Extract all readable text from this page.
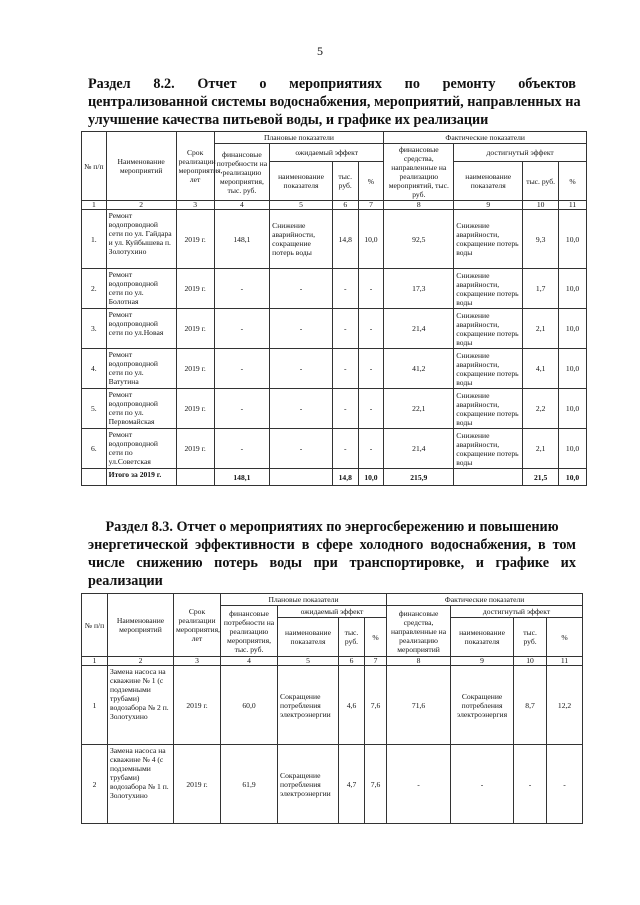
5
Раздел 8.2. Отчет о мероприятиях по ремонту объектов
централизованной системы водоснабжения, мероприятий, направленных на
улучшение качества питьевой воды, и графике их реализации
№ п/п	Наименование мероприятий	Срок реализации мероприятия, лет	Плановые показатели				Фактические показатели			
			финансовые потребности на реализацию мероприятия, тыс. руб.	ожидаемый эффект			финансовые средства, направленные на реализацию мероприятий, тыс. руб.	достигнутый эффект		
				наименование показателя	тыс. руб.	%		наименование показателя	тыс. руб.	%
1	2	3	4	5	6	7	8	9	10	11
1.	Ремонт водопроводной сети по ул. Гайдара и ул. Куйбышева п. Золотухино	2019 г.	148,1	Снижение аварийности, сокращение потерь воды	14,8	10,0	92,5	Снижение аварийности, сокращение потерь воды	9,3	10,0
2.	Ремонт водопроводной сети по ул. Болотная	2019 г.	-	-	-	-	17,3	Снижение аварийности, сокращение потерь воды	1,7	10,0
3.	Ремонт водопроводной сети по ул.Новая	2019 г.	-	-	-	-	21,4	Снижение аварийности, сокращение потерь воды	2,1	10,0
4.	Ремонт водопроводной сети по ул. Ватутина	2019 г.	-	-	-	-	41,2	Снижение аварийности, сокращение потерь воды	4,1	10,0
5.	Ремонт водопроводной сети по ул. Первомайская	2019 г.	-	-	-	-	22,1	Снижение аварийности, сокращение потерь воды	2,2	10,0
6.	Ремонт водопроводной сети по ул.Советская	2019 г.	-	-	-	-	21,4	Снижение аварийности, сокращение потерь воды	2,1	10,0
	Итого за 2019 г.		148,1		14,8	10,0	215,9		21,5	10,0
Раздел 8.3. Отчет о мероприятиях по энергосбережению и повышению
энергетической эффективности в сфере холодного водоснабжения, в том
числе снижению потерь воды при транспортировке, и графике их
реализации
№ п/п	Наименование мероприятий	Срок реализации мероприятия, лет	Плановые показатели				Фактические показатели			
			финансовые потребности на реализацию мероприятия, тыс. руб.	ожидаемый эффект			финансовые средства, направленные на реализацию мероприятий	достигнутый эффект		
				наименование показателя	тыс. руб.	%		наименование показателя	тыс. руб.	%
1	2	3	4	5	6	7	8	9	10	11
1	Замена насоса на скважине № 1 (с подземными трубами) водозабора № 2 п. Золотухино	2019 г.	60,0	Сокращение потребления электроэнергии	4,6	7,6	71,6	Сокращение потребления электроэнергия	8,7	12,2
2	Замена насоса на скважине № 4 (с подземными трубами) водозабора № 1 п. Золотухино	2019 г.	61,9	Сокращение потребления электроэнергии	4,7	7,6	-	-	-	-
